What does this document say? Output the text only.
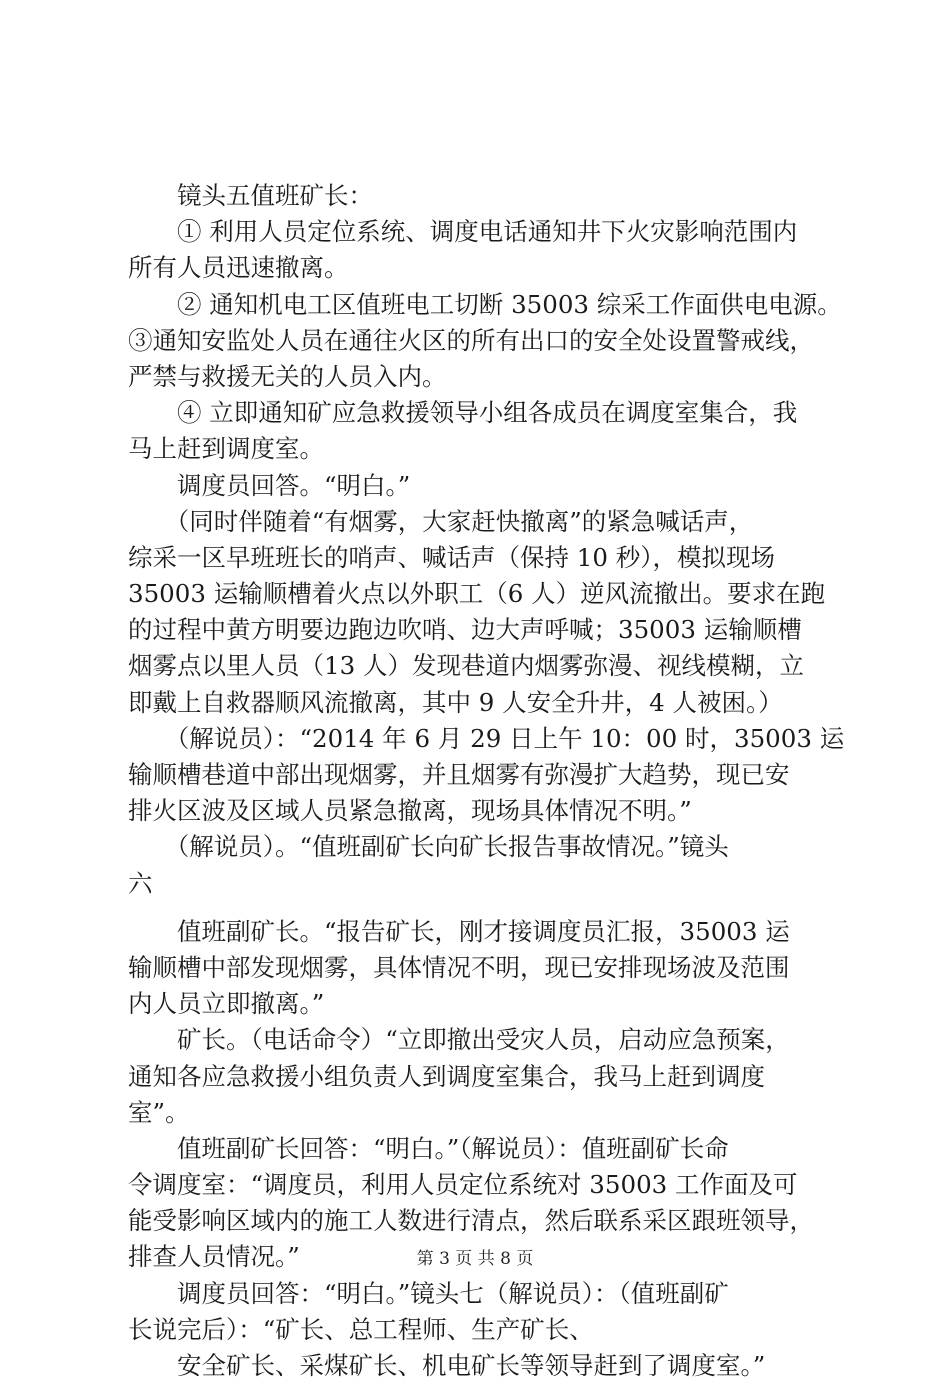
　　镜头五值班矿长：
　　① 利用人员定位系统、调度电话通知井下火灾影响范围内
所有人员迅速撤离。
　　② 通知机电工区值班电工切断 35003 综采工作面供电电源。
③通知安监处人员在通往火区的所有出口的安全处设置警戒线，
严禁与救援无关的人员入内。
　　④ 立即通知矿应急救援领导小组各成员在调度室集合，我
马上赶到调度室。
　　调度员回答。“明白。”
　　（同时伴随着“有烟雾，大家赶快撤离”的紧急喊话声，
综采一区早班班长的哨声、喊话声（保持 10 秒），模拟现场
35003 运输顺槽着火点以外职工（6 人）逆风流撤出。要求在跑
的过程中黄方明要边跑边吹哨、边大声呼喊；35003 运输顺槽
烟雾点以里人员（13 人）发现巷道内烟雾弥漫、视线模糊，立
即戴上自救器顺风流撤离，其中 9 人安全升井，4 人被困。）
　　（解说员）：“2014 年 6 月 29 日上午 10：00 时，35003 运
输顺槽巷道中部出现烟雾，并且烟雾有弥漫扩大趋势，现已安
排火区波及区域人员紧急撤离，现场具体情况不明。”
　　（解说员）。“值班副矿长向矿长报告事故情况。”镜头
六
　　值班副矿长。“报告矿长，刚才接调度员汇报，35003 运
输顺槽中部发现烟雾，具体情况不明，现已安排现场波及范围
内人员立即撤离。”
　　矿长。（电话命令）“立即撤出受灾人员，启动应急预案，
通知各应急救援小组负责人到调度室集合，我马上赶到调度
室”。
　　值班副矿长回答：“明白。”（解说员）：值班副矿长命
令调度室：“调度员，利用人员定位系统对 35003 工作面及可
能受影响区域内的施工人数进行清点，然后联系采区跟班领导，
排查人员情况。”
　　调度员回答：“明白。”镜头七（解说员）：（值班副矿
长说完后）：“矿长、总工程师、生产矿长、
　　安全矿长、采煤矿长、机电矿长等领导赶到了调度室。”
第 3 页 共 8 页
